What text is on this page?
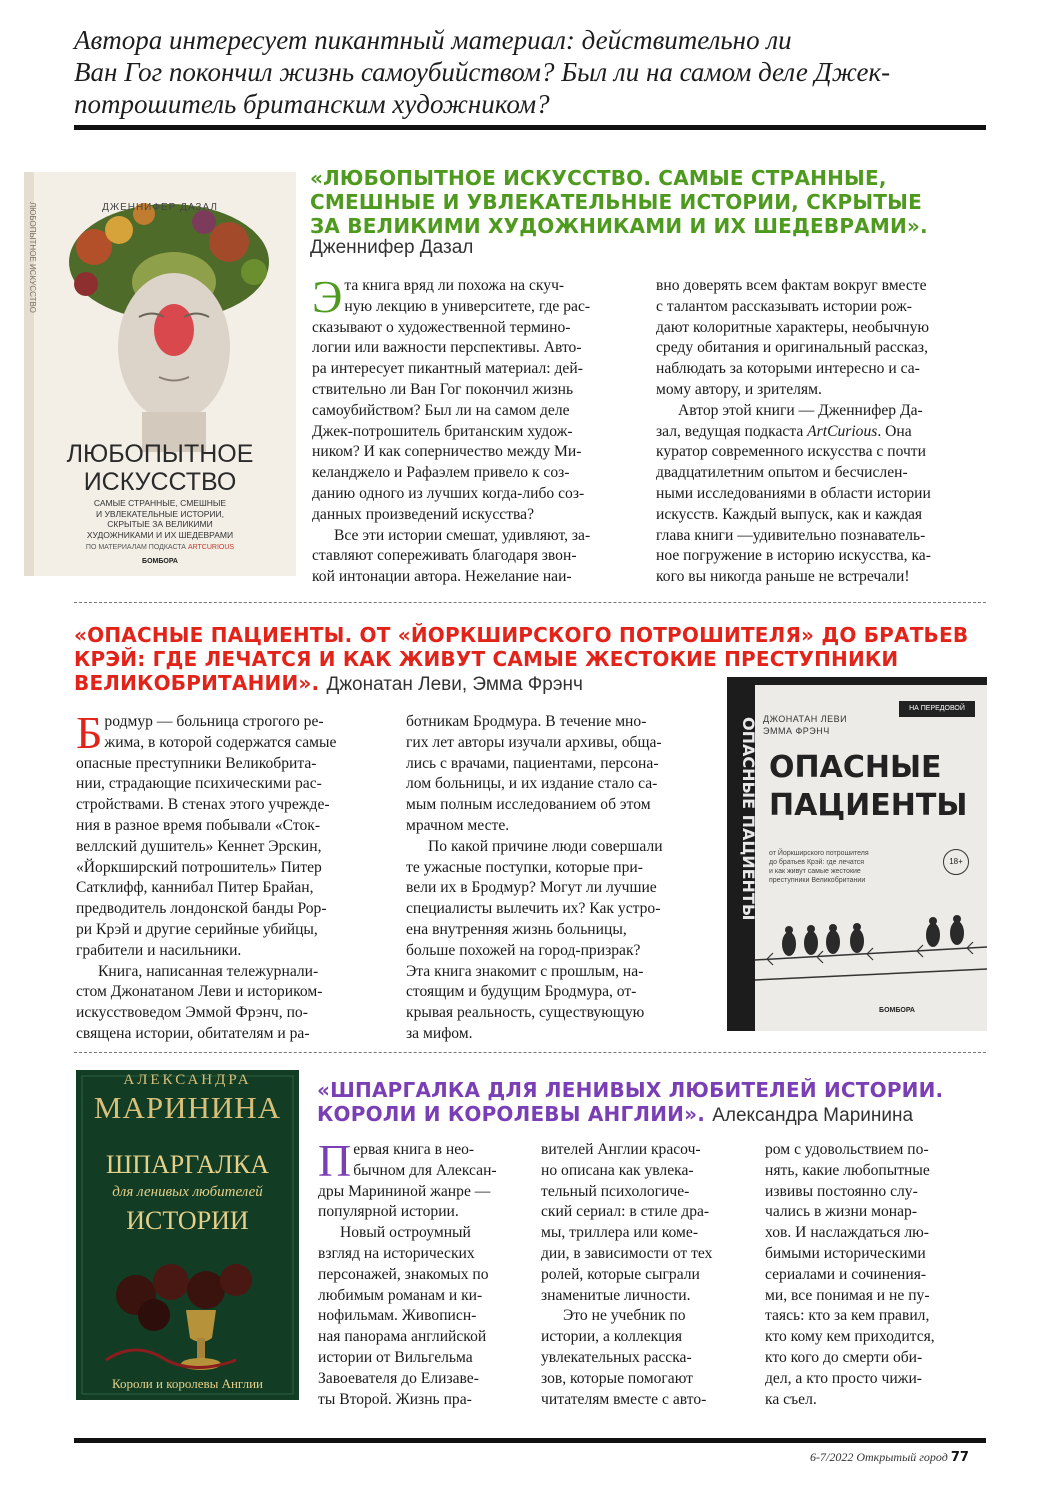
Автора интересует пикантный материал: действительно ли
Ван Гог покончил жизнь самоубийством? Был ли на самом деле Джек-
потрошитель британским художником?
ЛЮБОПЫТНОЕ ИСКУССТВО	ДЖЕННИФЕР ДАЗАЛ
ЛЮБОПЫТНОЕ
ИСКУССТВО
САМЫЕ СТРАННЫЕ, СМЕШНЫЕ
И УВЛЕКАТЕЛЬНЫЕ ИСТОРИИ,
СКРЫТЫЕ ЗА ВЕЛИКИМИ
ХУДОЖНИКАМИ И ИХ ШЕДЕВРАМИ
ПО МАТЕРИАЛАМ ПОДКАСТА ARTCURIOUS
БОМБОРА
«ЛЮБОПЫТНОЕ ИСКУССТВО. САМЫЕ СТРАННЫЕ,
СМЕШНЫЕ И УВЛЕКАТЕЛЬНЫЕ ИСТОРИИ, СКРЫТЫЕ
ЗА ВЕЛИКИМИ ХУДОЖНИКАМИ И ИХ ШЕДЕВРАМИ».
Дженнифер Дазал
Э та книга вряд ли похожа на скуч-
ную лекцию в университете, где рас-
сказывают о художественной термино-
логии или важности перспективы. Авто-
ра интересует пикантный материал: дей-
ствительно ли Ван Гог покончил жизнь
самоубийством? Был ли на самом деле
Джек-потрошитель британским худож-
ником? И как соперничество между Ми-
келанджело и Рафаэлем привело к соз-
данию одного из лучших когда-либо соз-
данных произведений искусства?
Все эти истории смешат, удивляют, за-
ставляют сопереживать благодаря звон-
кой интонации автора. Нежелание наи-
вно доверять всем фактам вокруг вместе
с талантом рассказывать истории рож-
дают колоритные характеры, необычную
среду обитания и оригинальный рассказ,
наблюдать за которыми интересно и са-
мому автору, и зрителям.
Автор этой книги — Дженнифер Да-
зал, ведущая подкаста ArtCurious. Она
куратор современного искусства с почти
двадцатилетним опытом и бесчислен-
ными исследованиями в области истории
искусств. Каждый выпуск, как и каждая
глава книги —удивительно познаватель-
ное погружение в историю искусства, ка-
кого вы никогда раньше не встречали!
«ОПАСНЫЕ ПАЦИЕНТЫ. ОТ «ЙОРКШИРСКОГО ПОТРОШИТЕЛЯ» ДО БРАТЬЕВ
КРЭЙ: ГДЕ ЛЕЧАТСЯ И КАК ЖИВУТ САМЫЕ ЖЕСТОКИЕ ПРЕСТУПНИКИ
ВЕЛИКОБРИТАНИИ». Джонатан Леви, Эмма Фрэнч
Б родмур — больница строгого ре-
жима, в которой содержатся самые
опасные преступники Великобрита-
нии, страдающие психическими рас-
стройствами. В стенах этого учрежде-
ния в разное время побывали «Сток-
веллский душитель» Кеннет Эрскин,
«Йоркширский потрошитель» Питер
Сатклифф, каннибал Питер Брайан,
предводитель лондонской банды Рор-
ри Крэй и другие серийные убийцы,
грабители и насильники.
Книга, написанная тележурнали-
стом Джонатаном Леви и историком-
искусствоведом Эммой Фрэнч, по-
священа истории, обитателям и ра-
ботникам Бродмура. В течение мно-
гих лет авторы изучали архивы, обща-
лись с врачами, пациентами, персона-
лом больницы, и их издание стало са-
мым полным исследованием об этом
мрачном месте.
По какой причине люди совершали
те ужасные поступки, которые при-
вели их в Бродмур? Могут ли лучшие
специалисты вылечить их? Как устро-
ена внутренняя жизнь больницы,
больше похожей на город-призрак?
Эта книга знакомит с прошлым, на-
стоящим и будущим Бродмура, от-
крывая реальность, существующую
за мифом.
ОПАСНЫЕ ПАЦИЕНТЫ
НА ПЕРЕДОВОЙ
ДЖОНАТАН ЛЕВИ
ЭММА ФРЭНЧ
ОПАСНЫЕ
ПАЦИЕНТЫ
от Йоркширского потрошителя
до братьев Крэй: где лечатся
и как живут самые жестокие
преступники Великобритании
18+
БОМБОРА
АЛЕКСАНДРА
МАРИНИНА
ШПАРГАЛКА
для ленивых любителей
ИСТОРИИ
Короли и королевы Англии
«ШПАРГАЛКА ДЛЯ ЛЕНИВЫХ ЛЮБИТЕЛЕЙ ИСТОРИИ.
КОРОЛИ И КОРОЛЕВЫ АНГЛИИ». Александра Маринина
П ервая книга в нео-
бычном для Алексан-
дры Марининой жанре —
популярной истории.
Новый остроумный
взгляд на исторических
персонажей, знакомых по
любимым романам и ки-
нофильмам. Живописн-
ная панорама английской
истории от Вильгельма
Завоевателя до Елизаве-
ты Второй. Жизнь пра-
вителей Англии красоч-
но описана как увлека-
тельный психологиче-
ский сериал: в стиле дра-
мы, триллера или коме-
дии, в зависимости от тех
ролей, которые сыграли
знаменитые личности.
Это не учебник по
истории, а коллекция
увлекательных расска-
зов, которые помогают
читателям вместе с авто-
ром с удовольствием по-
нять, какие любопытные
извивы постоянно слу-
чались в жизни монар-
хов. И наслаждаться лю-
бимыми историческими
сериалами и сочинения-
ми, все понимая и не пу-
таясь: кто за кем правил,
кто кому кем приходится,
кто кого до смерти оби-
дел, а кто просто чижи-
ка съел.
6-7/2022 Открытый город 77
